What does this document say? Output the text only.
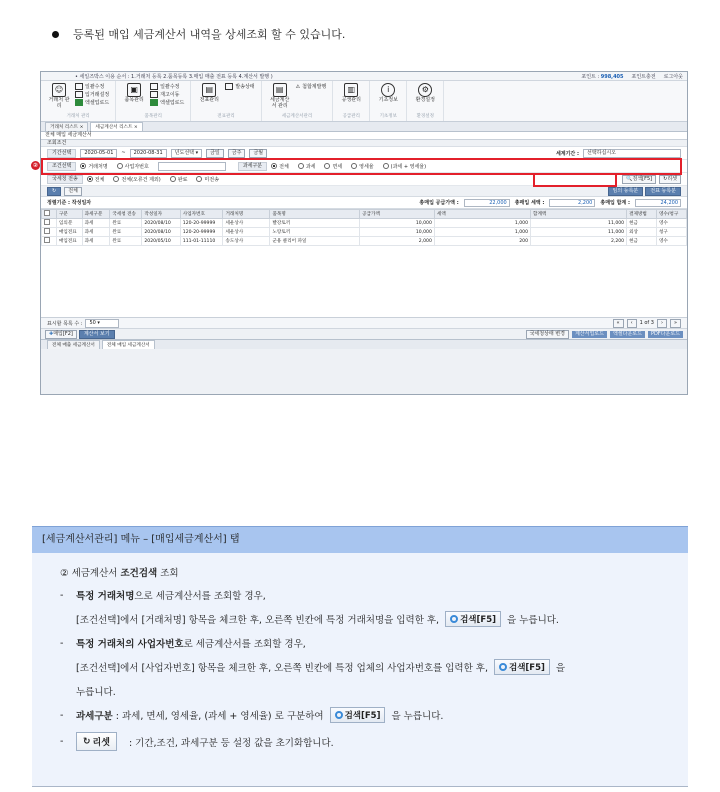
등록된 매입 세금계산서 내역을 상세조회 할 수 있습니다.
• 세일즈박스 이용 순서 : 1.거래처 등록 2.품목등록 3.매입 매출 전표 등록 4.계산서 발행 )	포인트 : 998,405 포인트충전 로그아웃
☺
거래처 관리
일괄수정
입거래설정
엑셀업로드
거래처 관리
▣
품목관리
일괄수정
재고이동
엑셀업로드
품목관리
▤
전표관리
발송상태
전표관리
▤
세금계산서 관리
⚠ 첨합계발행
세금계산서관리
▥
공생관리
공급관리
i
기초정보
기초정보
⚙
환경설정
환경설정
거래처 리스트 ×	세금계산서 리스트 ×
전체 매입 세금계산서
조회조건
기간선택	2020-05-01	~	2020-08-31	년도선택 ▾	금일	금주	금월	세계기간 :	선택하십시오
조건선택	거래처명	사업자번호	과세구분	전체	과세	면세	영세율	(과세 + 영세율)
국세청 전송	전체	전체(오류건 제외)	완료	미전송	🔍검색[F5]	↻리셋
↻	전체	임의 등록분	전표 등록분
정렬기준 : 작성일자	총매입 공급가액 :	22,000	총매입 세액 :	2,200	총매입 합계 :	24,200
	구분	과세구분	국세청 전송	작성일자	사업자번호	거래처명	품목명	공급가액	세액	합계액	결제방법	영수/청구
	임의분	과세	완료	2020/08/10	120-20-99999	세운상사	빨강토끼	10,000	1,000	11,000	현금	영수
	매입전표	과세	완료	2020/08/10	120-20-99999	세운상사	노랑토끼	10,000	1,000	11,000	외상	청구
	매입전표	과세	완료	2020/05/10	111-01-11110	송도상사	군용 클리어 파일	2,000	200	2,200	현금	영수
표시할 목록 수 :	50 ▾	«	‹	1 of 3	›	»
✚매입[F2]	계산서 보기	국세청상태 변경	계산서업로드	엑셀다운로드	PDF다운로드
전체 매출 세금계산서	전체 매입 세금계산서
②
[세금계산서관리] 메뉴 – [매입세금계산서] 탭

② 세금계산서 조건검색 조회

-	특정 거래처명 으로 세금계산서를 조회할 경우,
[조건선택]에서 [거래처명] 항목을 체크한 후, 오른쪽 빈칸에 특정 거래처명을 입력한 후, 검색[F5] 을 누릅니다.
-	특정 거래처의 사업자번호 로 세금계산서를 조회할 경우,
[조건선택]에서 [사업자번호] 항목을 체크한 후, 오른쪽 빈칸에 특정 업체의 사업자번호를 입력한 후, 검색[F5] 을
누릅니다.
-	과세구분
: 과세, 면세, 영세율, (과세 + 영세율) 로 구분하여 검색[F5] 을 누릅니다.
-	↻ 리셋 : 기간,조건, 과세구분 등 설정 값을 초기화합니다.
